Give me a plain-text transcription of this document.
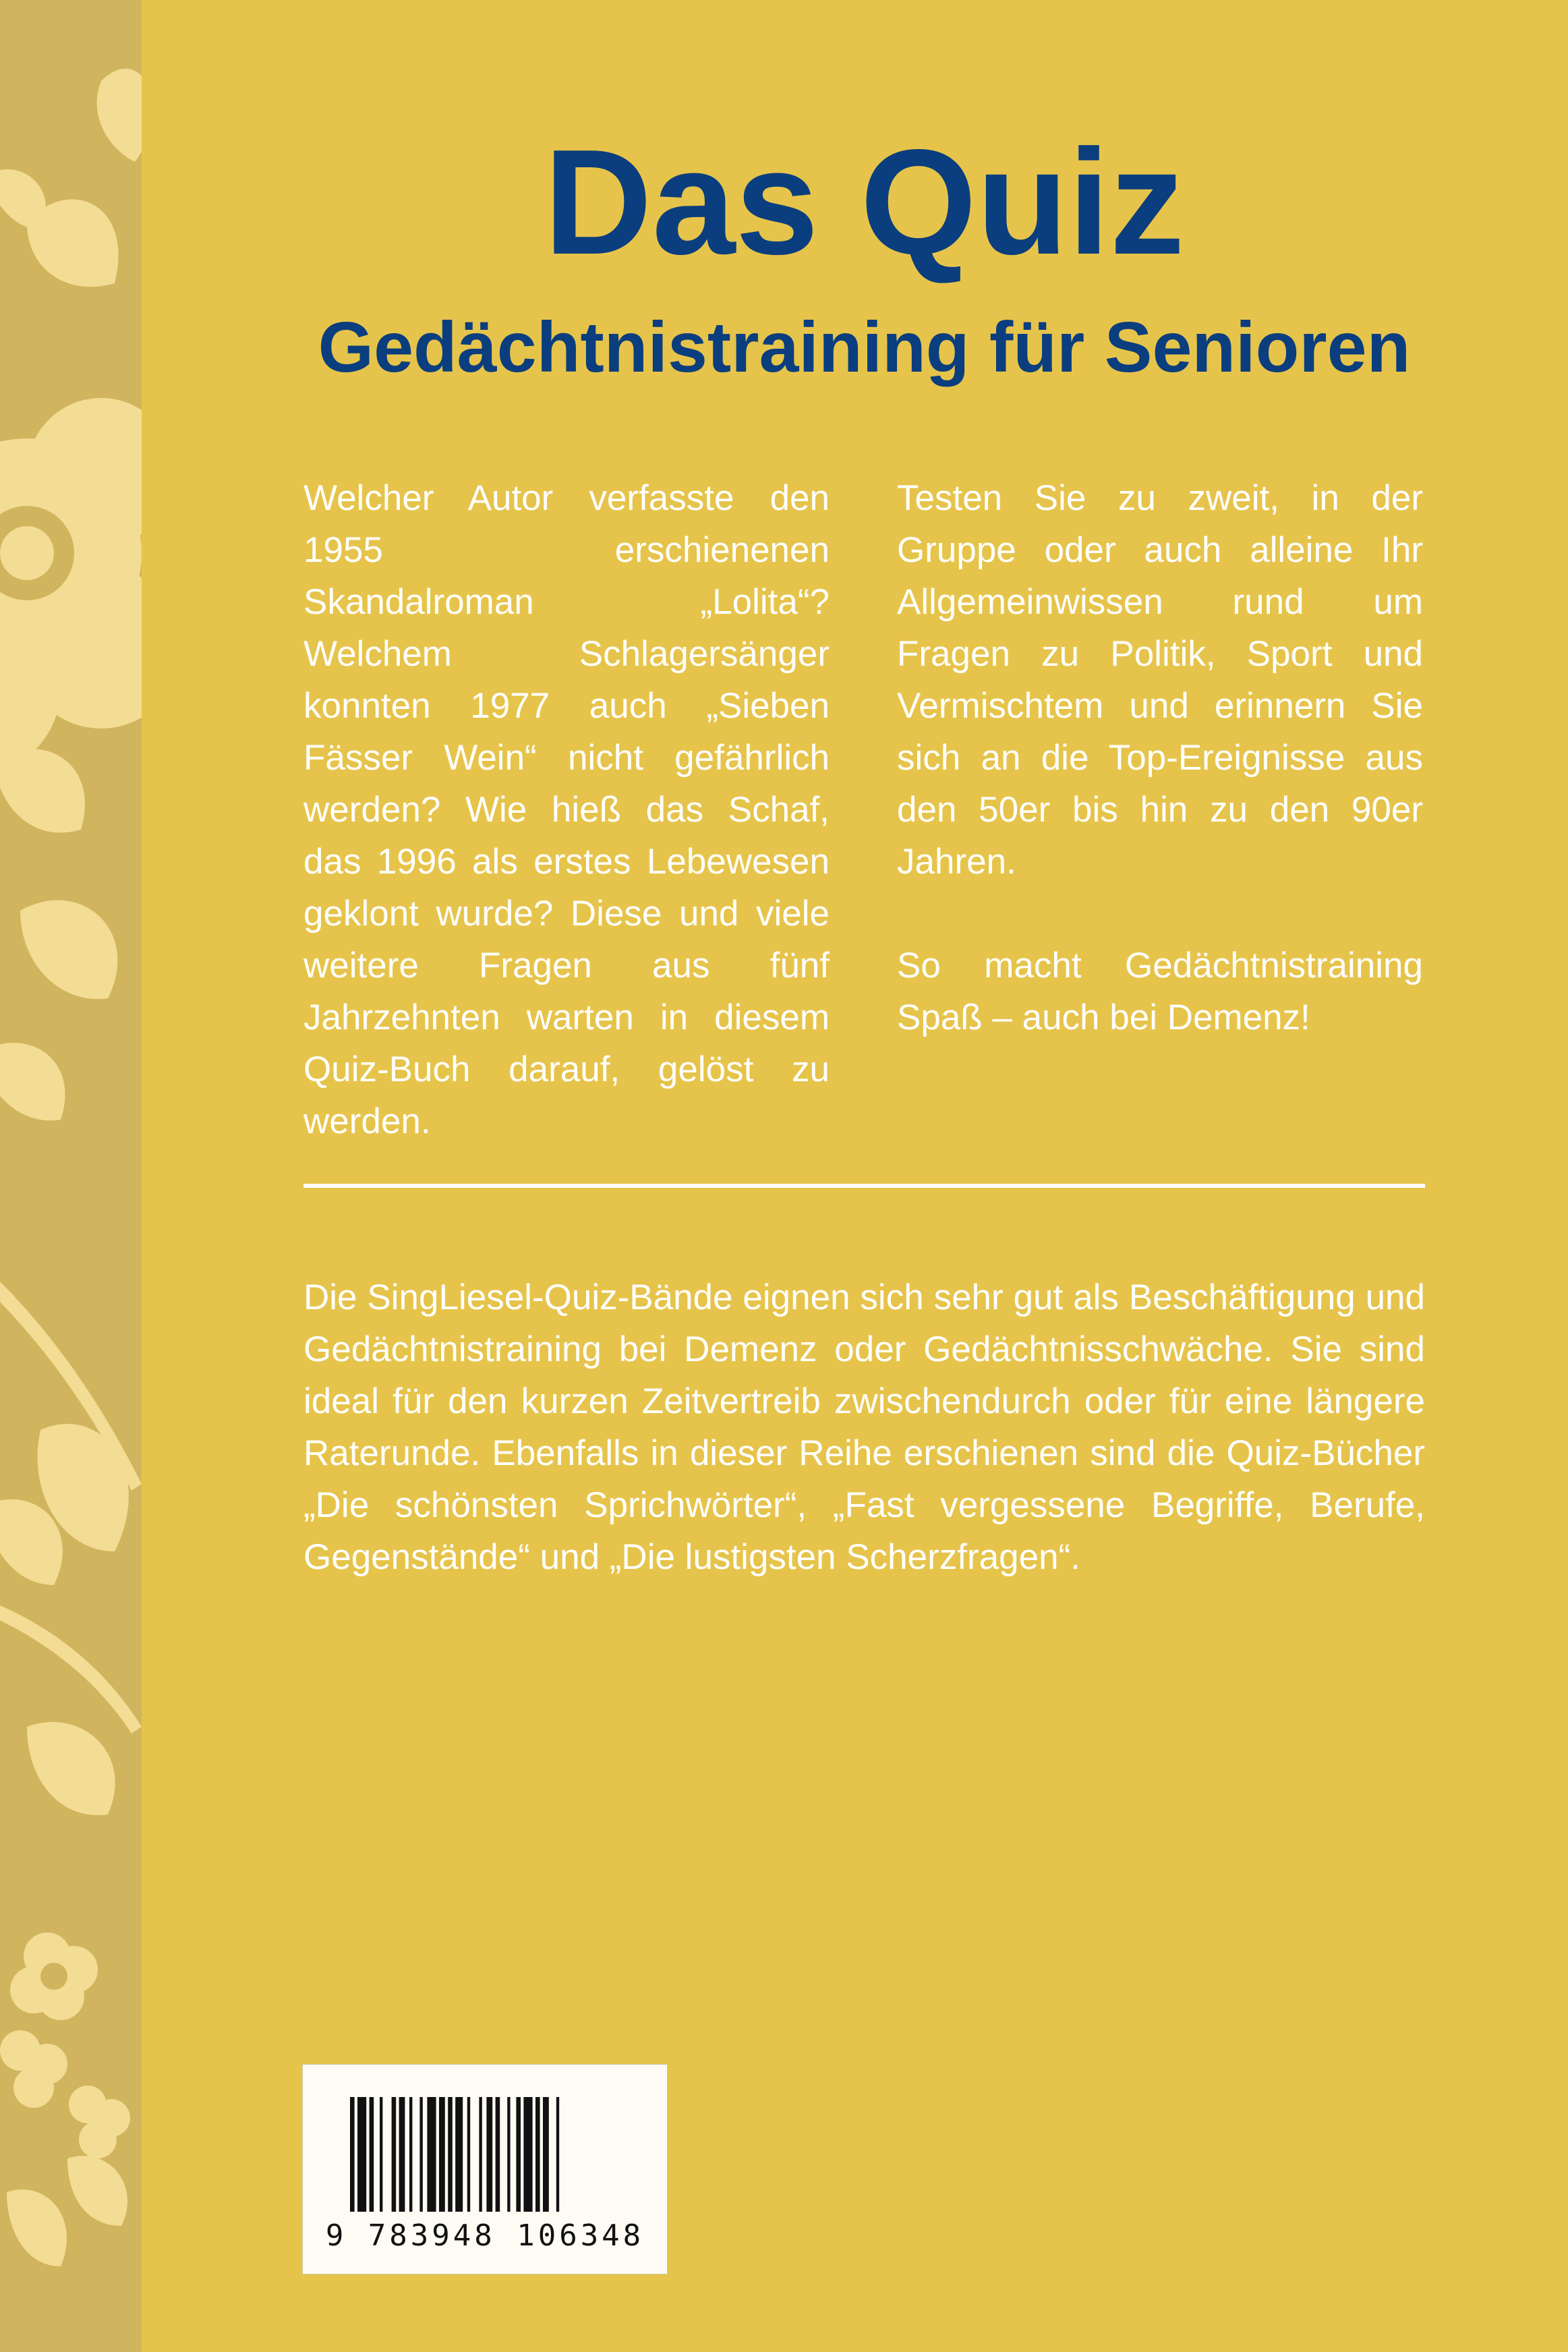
Das Quiz
Gedächtnistraining für Senioren

Welcher Autor verfasste den 1955 erschienenen Skandalroman „Lolita“? Welchem Schlagersänger konnten 1977 auch „Sieben Fässer Wein“ nicht gefährlich werden? Wie hieß das Schaf, das 1996 als erstes Lebewesen geklont wurde? Diese und viele weitere Fragen aus fünf Jahrzehnten warten in diesem Quiz-Buch darauf, gelöst zu werden.

Testen Sie zu zweit, in der Gruppe oder auch alleine Ihr Allgemeinwissen rund um Fragen zu Politik, Sport und Vermischtem und erinnern Sie sich an die Top-Ereignisse aus den 50er bis hin zu den 90er Jahren.

So macht Gedächtnistraining Spaß – auch bei Demenz!

Die SingLiesel-Quiz-Bände eignen sich sehr gut als Beschäftigung und Gedächtnistraining bei Demenz oder Gedächtnisschwäche. Sie sind ideal für den kurzen Zeitvertreib zwischendurch oder für eine längere Raterunde. Ebenfalls in dieser Reihe erschienen sind die Quiz-Bücher „Die schönsten Sprichwörter“, „Fast vergessene Begriffe, Berufe, Gegenstände“ und „Die lustigsten Scherzfragen“.

9 783948 106348
